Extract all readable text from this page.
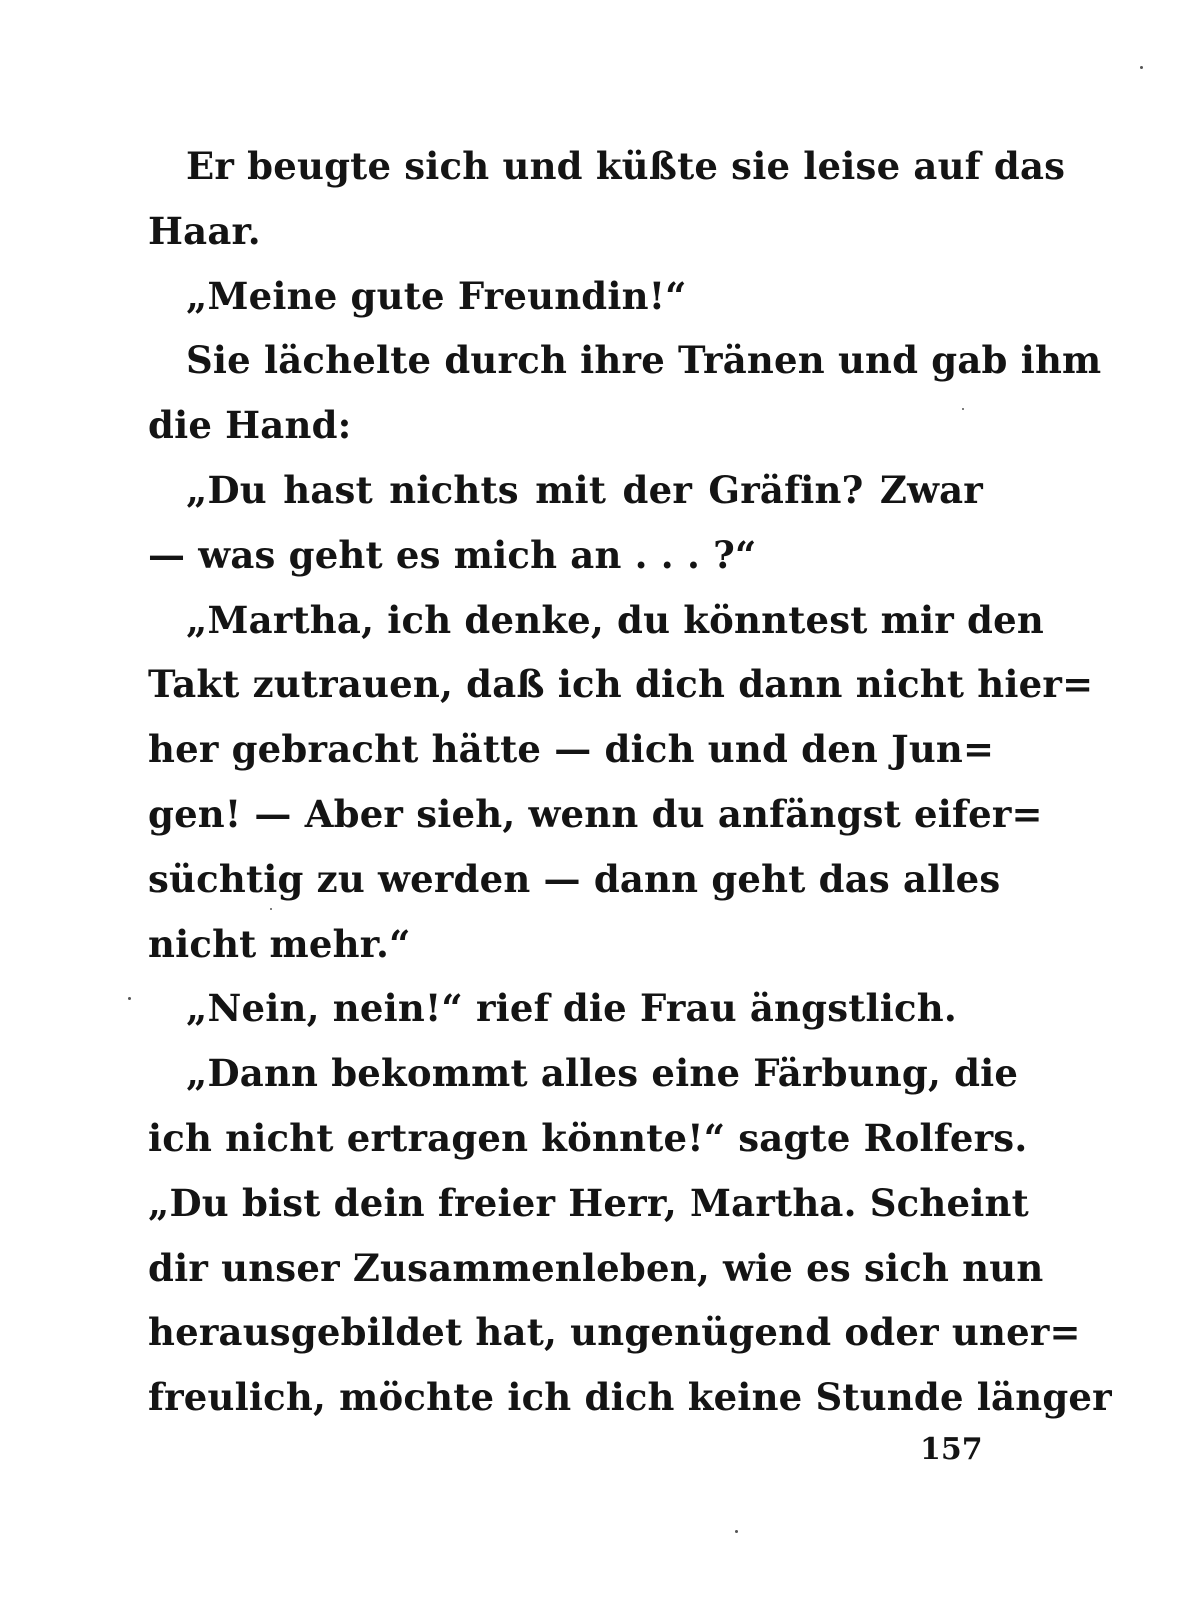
Er beugte sich und küßte sie leise auf das
Haar.
„Meine gute Freundin!“
Sie lächelte durch ihre Tränen und gab ihm
die Hand:
„Du hast nichts mit der Gräfin? Zwar
— was geht es mich an . . . ?“
„Martha, ich denke, du könntest mir den
Takt zutrauen, daß ich dich dann nicht hier=
her gebracht hätte — dich und den Jun=
gen! — Aber sieh, wenn du anfängst eifer=
süchtig zu werden — dann geht das alles
nicht mehr.“
„Nein, nein!“ rief die Frau ängstlich.
„Dann bekommt alles eine Färbung, die
ich nicht ertragen könnte!“ sagte Rolfers.
„Du bist dein freier Herr, Martha. Scheint
dir unser Zusammenleben, wie es sich nun
herausgebildet hat, ungenügend oder uner=
freulich, möchte ich dich keine Stunde länger
157
